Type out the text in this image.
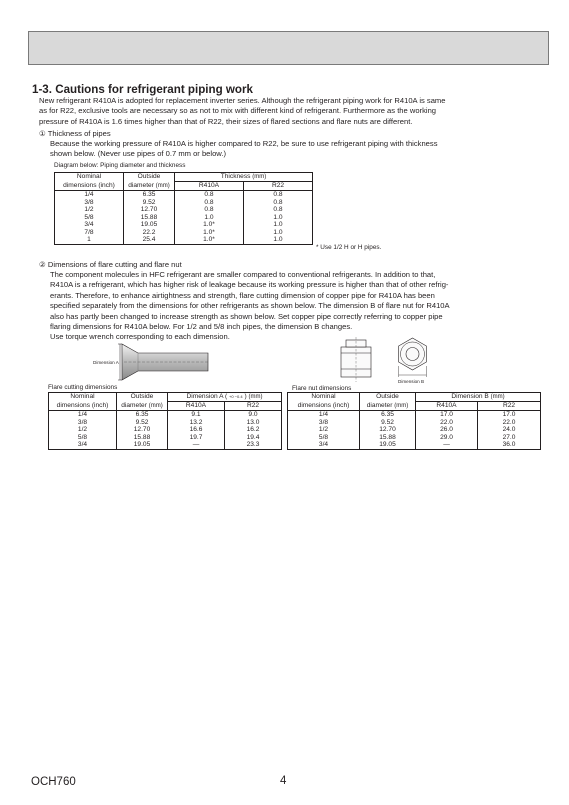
1-3. Cautions for refrigerant piping work
New refrigerant R410A is adopted for replacement inverter series. Although the refrigerant piping work for R410A is same
as for R22, exclusive tools are necessary so as not to mix with different kind of refrigerant. Furthermore as the working
pressure of R410A is 1.6 times higher than that of R22, their sizes of flared sections and flare nuts are different.
① Thickness of pipes
Because the working pressure of R410A is higher compared to R22, be sure to use refrigerant piping with thickness
shown below. (Never use pipes of 0.7 mm or below.)
Diagram below: Piping diameter and thickness
Nominal	Outside	Thickness (mm)	
dimensions (inch)	diameter (mm)	R410A	R22
1/4	6.35	0.8	0.8
3/8	9.52	0.8	0.8
1/2	12.70	0.8	0.8
5/8	15.88	1.0	1.0
3/4	19.05	1.0*	1.0
7/8	22.2	1.0*	1.0
1	25.4	1.0*	1.0
* Use 1/2 H or H pipes.
② Dimensions of flare cutting and flare nut
The component molecules in HFC refrigerant are smaller compared to conventional refrigerants. In addition to that,
R410A is a refrigerant, which has higher risk of leakage because its working pressure is higher than that of other refrig-
erants. Therefore, to enhance airtightness and strength, flare cutting dimension of copper pipe for R410A has been
specified separately from the dimensions for other refrigerants as shown below. The dimension B of flare nut for R410A
also has partly been changed to increase strength as shown below. Set copper pipe correctly referring to copper pipe
flaring dimensions for R410A below. For 1/2 and 5/8 inch pipes, the dimension B changes.
Use torque wrench corresponding to each dimension.
Dimension A
Dimension B
Flare cutting dimensions	Flare nut dimensions
Nominal	Outside	Dimension A ( +0 −0.4 ) (mm)	
dimensions (inch)	diameter (mm)	R410A	R22
1/4	6.35	9.1	9.0
3/8	9.52	13.2	13.0
1/2	12.70	16.6	16.2
5/8	15.88	19.7	19.4
3/4	19.05	—	23.3
Nominal	Outside	Dimension B (mm)	
dimensions (inch)	diameter (mm)	R410A	R22
1/4	6.35	17.0	17.0
3/8	9.52	22.0	22.0
1/2	12.70	26.0	24.0
5/8	15.88	29.0	27.0
3/4	19.05	—	36.0
OCH760	4
